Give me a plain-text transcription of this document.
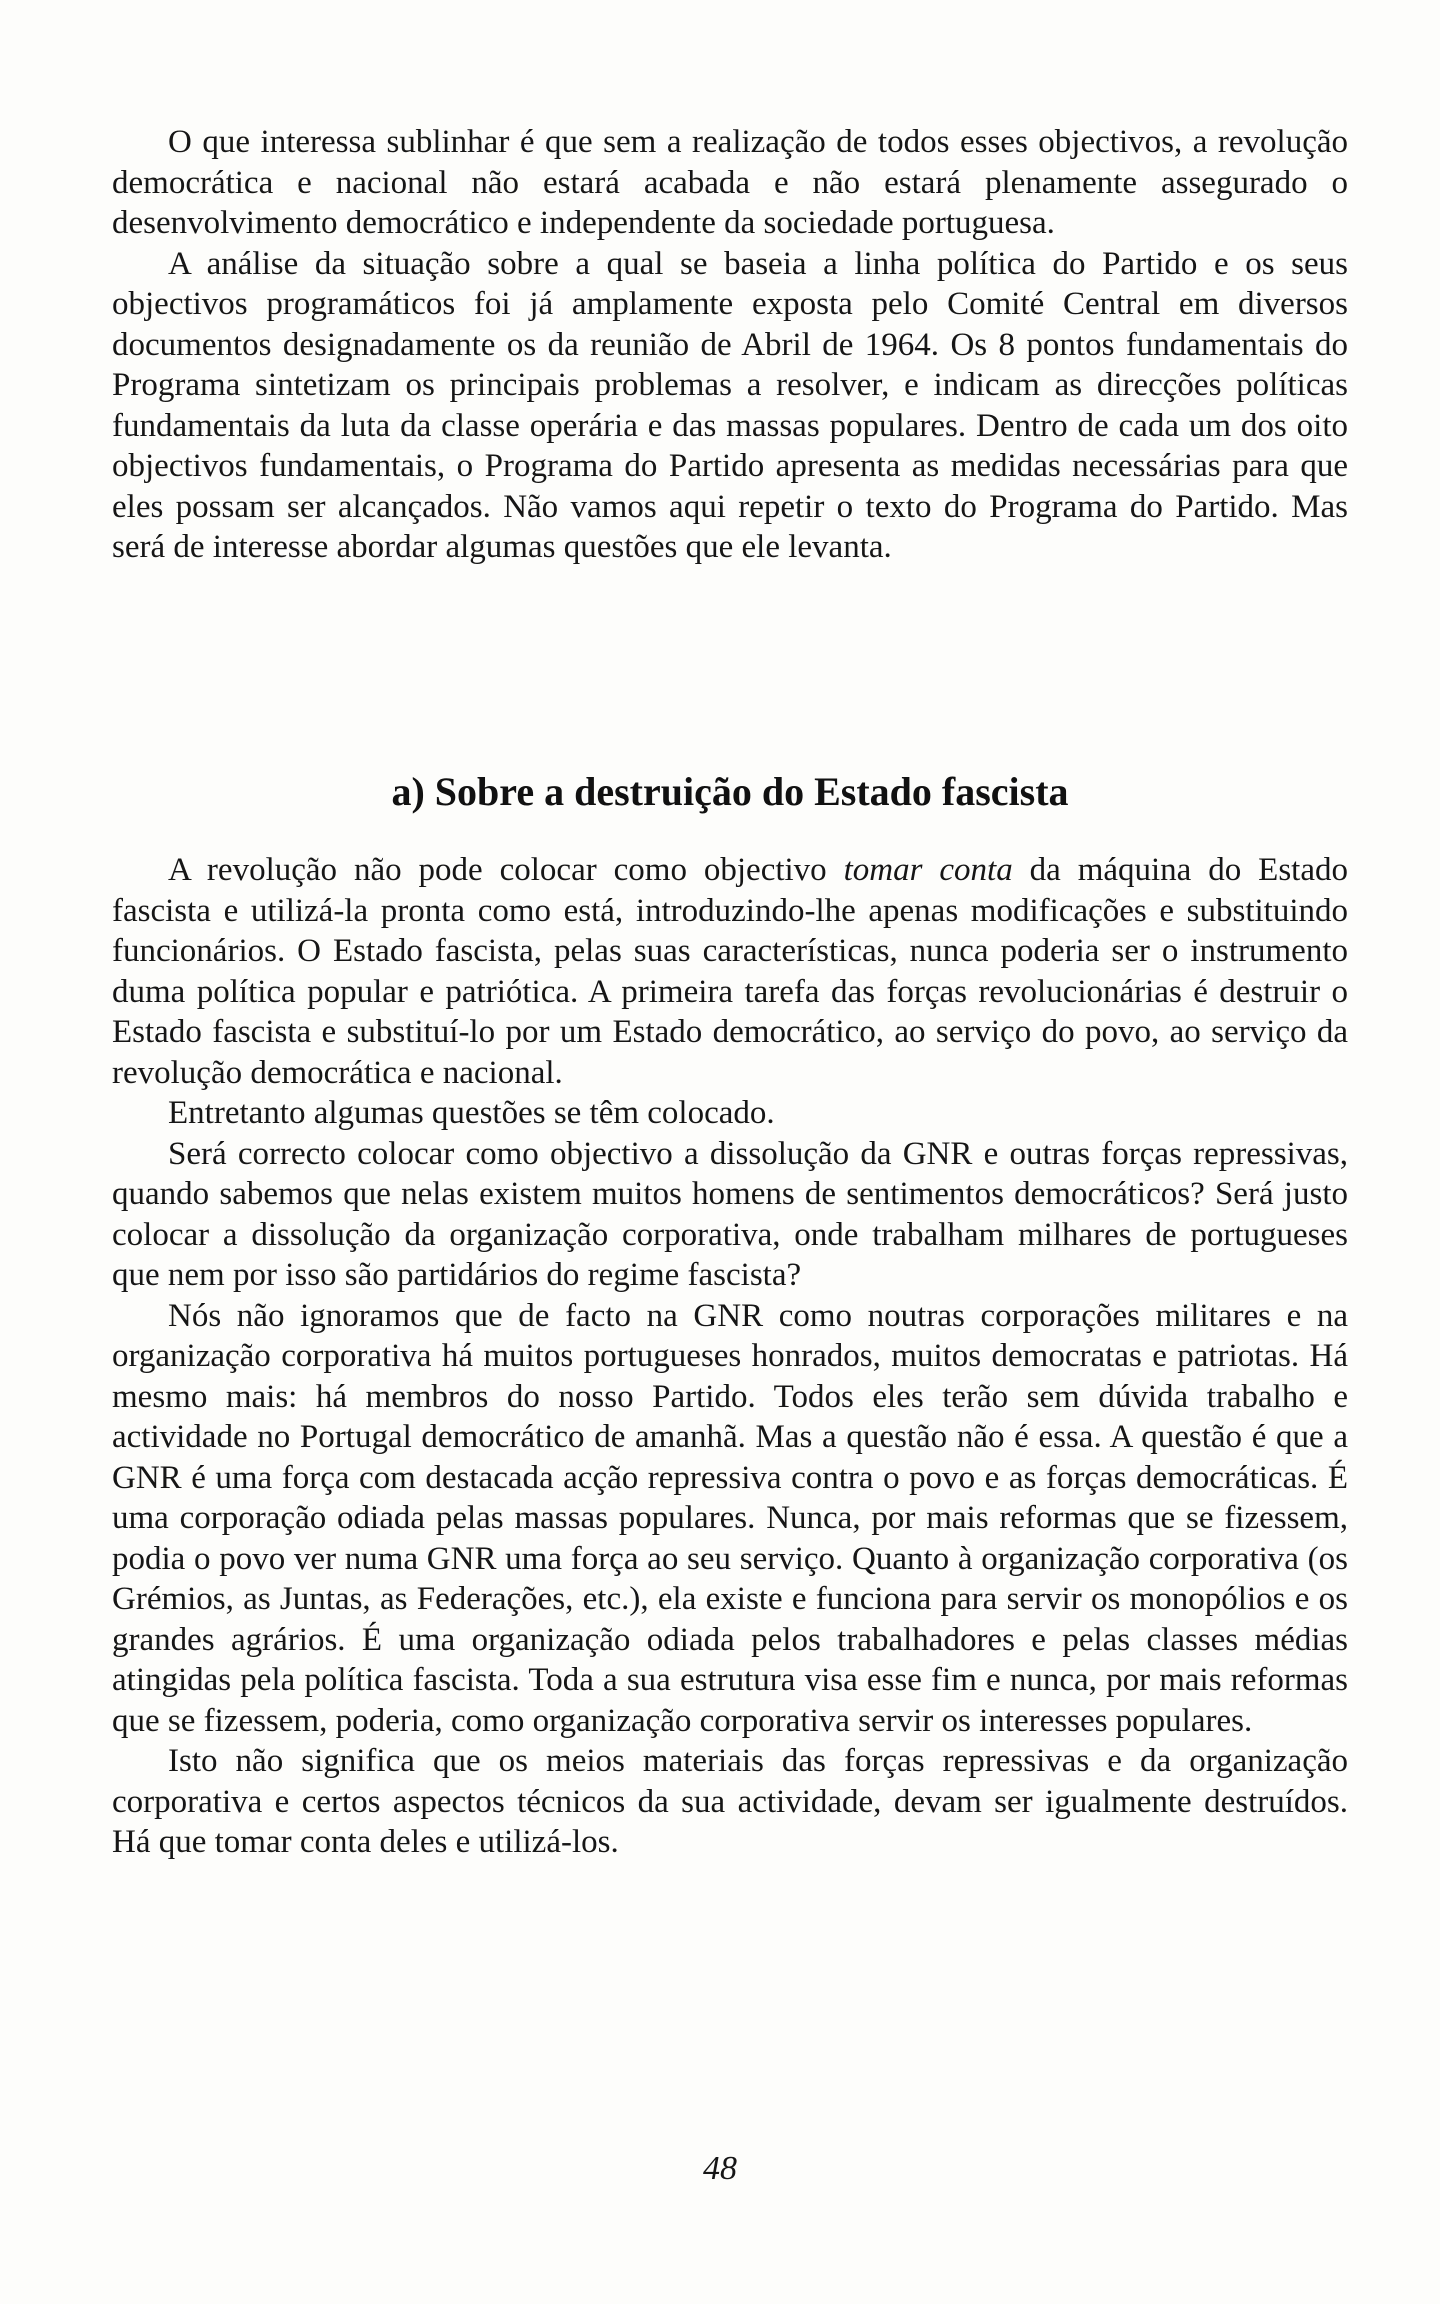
O que interessa sublinhar é que sem a realização de todos esses objectivos, a revolução democrática e nacional não estará acabada e não estará plenamente assegurado o desenvolvimento democrático e independente da sociedade portuguesa.

A análise da situação sobre a qual se baseia a linha política do Partido e os seus objectivos programáticos foi já amplamente exposta pelo Comité Central em diversos documentos designadamente os da reunião de Abril de 1964. Os 8 pontos fundamentais do Programa sintetizam os principais problemas a resolver, e indicam as direcções políticas fundamentais da luta da classe operária e das massas populares. Dentro de cada um dos oito objectivos fundamentais, o Programa do Partido apresenta as medidas necessárias para que eles possam ser alcançados. Não vamos aqui repetir o texto do Programa do Partido. Mas será de interesse abordar algumas questões que ele levanta.

a) Sobre a destruição do Estado fascista

A revolução não pode colocar como objectivo tomar conta da máquina do Estado fascista e utilizá-la pronta como está, introduzindo-lhe apenas modificações e substituindo funcionários. O Estado fascista, pelas suas características, nunca poderia ser o instrumento duma política popular e patriótica. A primeira tarefa das forças revolucionárias é destruir o Estado fascista e substituí-lo por um Estado democrático, ao serviço do povo, ao serviço da revolução democrática e nacional.

Entretanto algumas questões se têm colocado.

Será correcto colocar como objectivo a dissolução da GNR e outras forças repressivas, quando sabemos que nelas existem muitos homens de sentimentos democráticos? Será justo colocar a dissolução da organização corporativa, onde trabalham milhares de portugueses que nem por isso são partidários do regime fascista?

Nós não ignoramos que de facto na GNR como noutras corporações militares e na organização corporativa há muitos portugueses honrados, muitos democratas e patriotas. Há mesmo mais: há membros do nosso Partido. Todos eles terão sem dúvida trabalho e actividade no Portugal democrático de amanhã. Mas a questão não é essa. A questão é que a GNR é uma força com destacada acção repressiva contra o povo e as forças democráticas. É uma corporação odiada pelas massas populares. Nunca, por mais reformas que se fizessem, podia o povo ver numa GNR uma força ao seu serviço. Quanto à organização corporativa (os Grémios, as Juntas, as Federações, etc.), ela existe e funciona para servir os monopólios e os grandes agrários. É uma organização odiada pelos trabalhadores e pelas classes médias atingidas pela política fascista. Toda a sua estrutura visa esse fim e nunca, por mais reformas que se fizessem, poderia, como organização corporativa servir os interesses populares.

Isto não significa que os meios materiais das forças repressivas e da organização corporativa e certos aspectos técnicos da sua actividade, devam ser igualmente destruídos. Há que tomar conta deles e utilizá-los.

48
